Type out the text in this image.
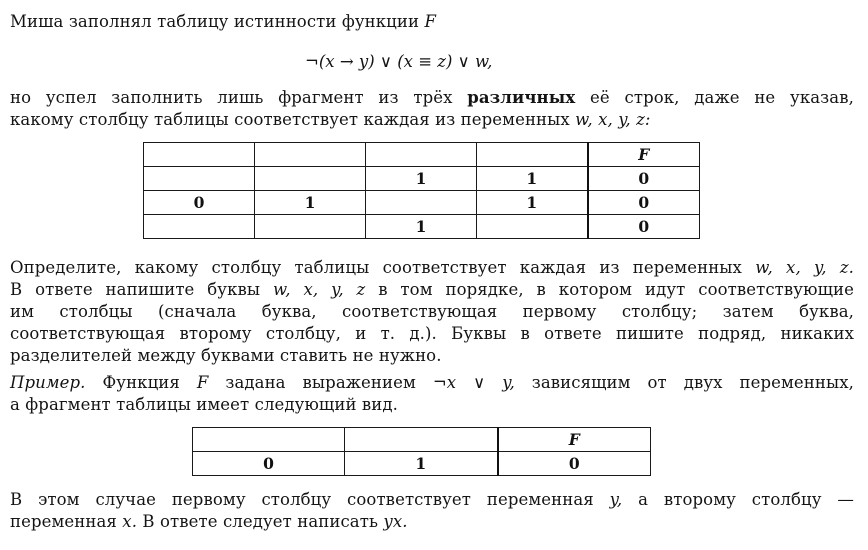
Миша заполнял таблицу истинности функции F
¬(x → y) ∨ (x ≡ z) ∨ w,
но успел заполнить лишь фрагмент из трёх различных её строк, даже не указав,
какому столбцу таблицы соответствует каждая из переменных w, x, y, z:
				F
		1	1	0
0	1		1	0
		1		0
Определите, какому столбцу таблицы соответствует каждая из переменных w, x, y, z.
В ответе напишите буквы w, x, y, z в том порядке, в котором идут соответствующие
им столбцы (сначала буква, соответствующая первому столбцу; затем буква,
соответствующая второму столбцу, и т. д.). Буквы в ответе пишите подряд, никаких
разделителей между буквами ставить не нужно.
Пример. Функция F задана выражением ¬x ∨ y, зависящим от двух переменных,
а фрагмент таблицы имеет следующий вид.
		F
0	1	0
В этом случае первому столбцу соответствует переменная y, а второму столбцу —
переменная x. В ответе следует написать yx.
